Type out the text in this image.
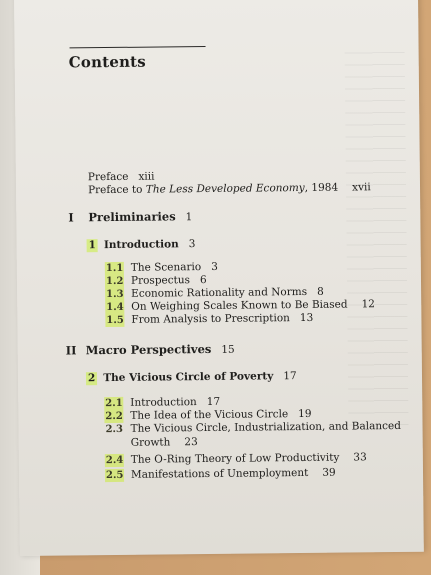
Contents
Preface xiii
Preface to The Less Developed Economy, 1984 xvii
I Preliminaries 1
1 Introduction 3
1.1 The Scenario 3
1.2 Prospectus 6
1.3 Economic Rationality and Norms 8
1.4 On Weighing Scales Known to Be Biased 12
1.5 From Analysis to Prescription 13
II Macro Perspectives 15
2 The Vicious Circle of Poverty 17
2.1 Introduction 17
2.2 The Idea of the Vicious Circle 19
2.3 The Vicious Circle, Industrialization, and Balanced
Growth 23
2.4 The O-Ring Theory of Low Productivity 33
2.5 Manifestations of Unemployment 39
